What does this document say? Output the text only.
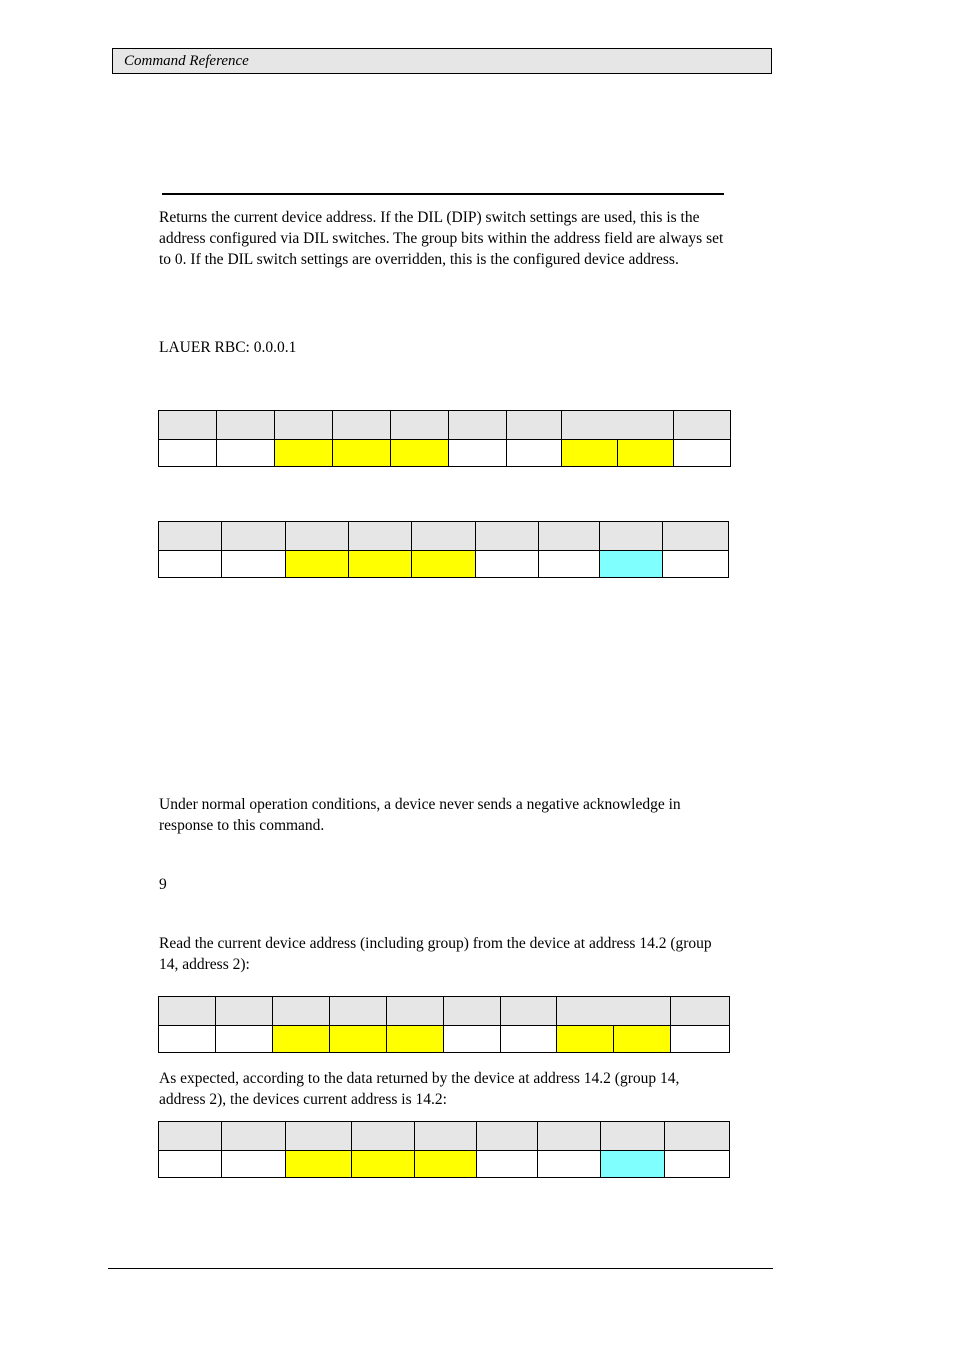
Command Reference

Returns the current device address. If the DIL (DIP) switch settings are used, this is the address configured via DIL switches. The group bits within the address field are always set to 0. If the DIL switch settings are overridden, this is the configured device address.

LAUER RBC: 0.0.0.1

Under normal operation conditions, a device never sends a negative acknowledge in response to this command.

9

Read the current device address (including group) from the device at address 14.2 (group 14, address 2):

As expected, according to the data returned by the device at address 14.2 (group 14, address 2), the devices current address is 14.2:
